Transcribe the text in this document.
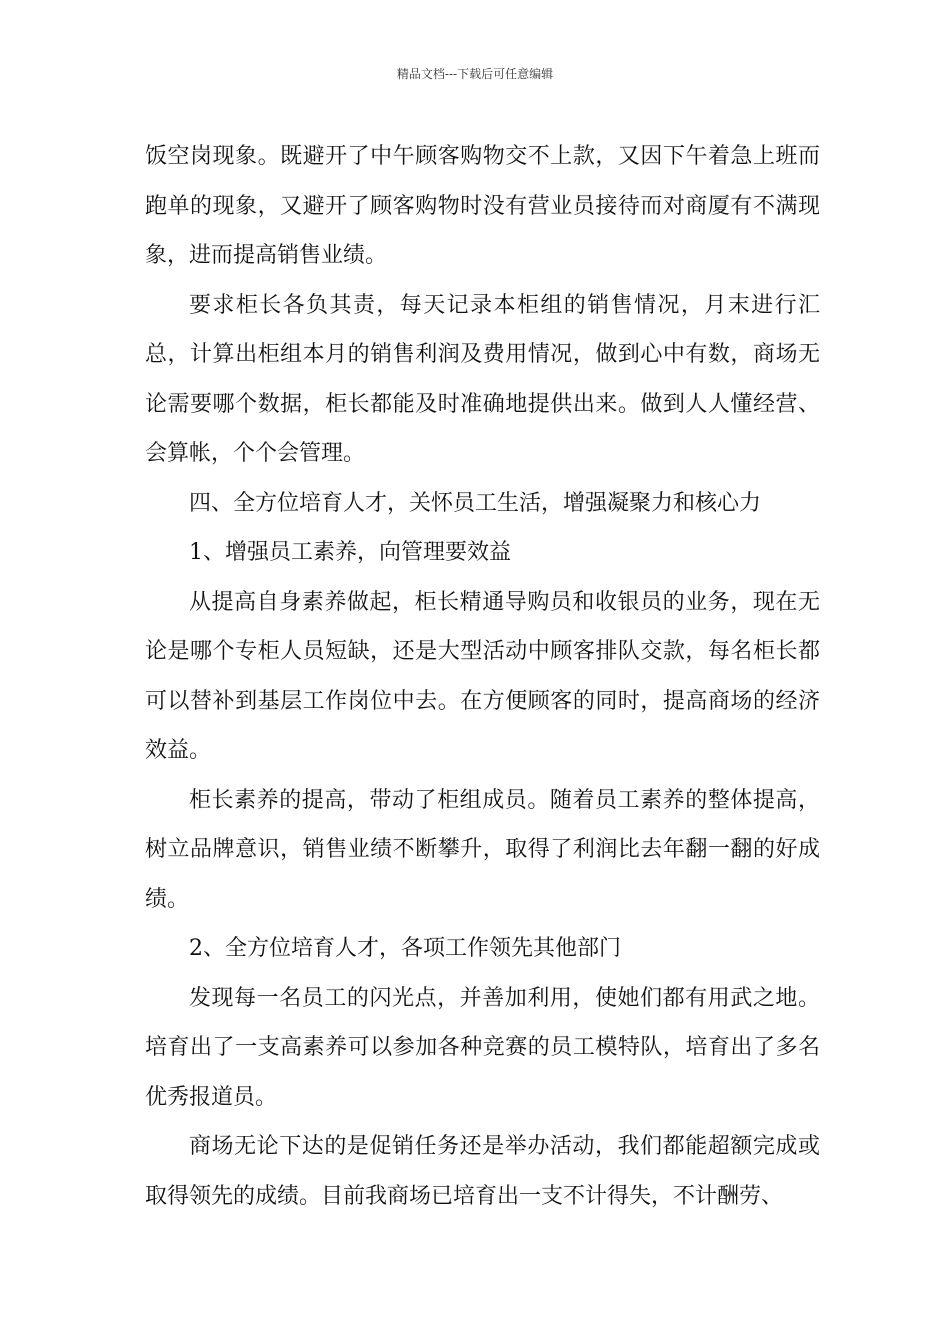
精品文档---下载后可任意编辑

饭空岗现象。既避开了中午顾客购物交不上款，又因下午着急上班而跑单的现象，又避开了顾客购物时没有营业员接待而对商厦有不满现象，进而提高销售业绩。

要求柜长各负其责，每天记录本柜组的销售情况，月末进行汇总，计算出柜组本月的销售利润及费用情况，做到心中有数，商场无论需要哪个数据，柜长都能及时准确地提供出来。做到人人懂经营、会算帐，个个会管理。

四、全方位培育人才，关怀员工生活，增强凝聚力和核心力

1、增强员工素养，向管理要效益

从提高自身素养做起，柜长精通导购员和收银员的业务，现在无论是哪个专柜人员短缺，还是大型活动中顾客排队交款，每名柜长都可以替补到基层工作岗位中去。在方便顾客的同时，提高商场的经济效益。

柜长素养的提高，带动了柜组成员。随着员工素养的整体提高，树立品牌意识，销售业绩不断攀升，取得了利润比去年翻一翻的好成绩。

2、全方位培育人才，各项工作领先其他部门

发现每一名员工的闪光点，并善加利用，使她们都有用武之地。培育出了一支高素养可以参加各种竞赛的员工模特队，培育出了多名优秀报道员。

商场无论下达的是促销任务还是举办活动，我们都能超额完成或取得领先的成绩。目前我商场已培育出一支不计得失，不计酬劳、
